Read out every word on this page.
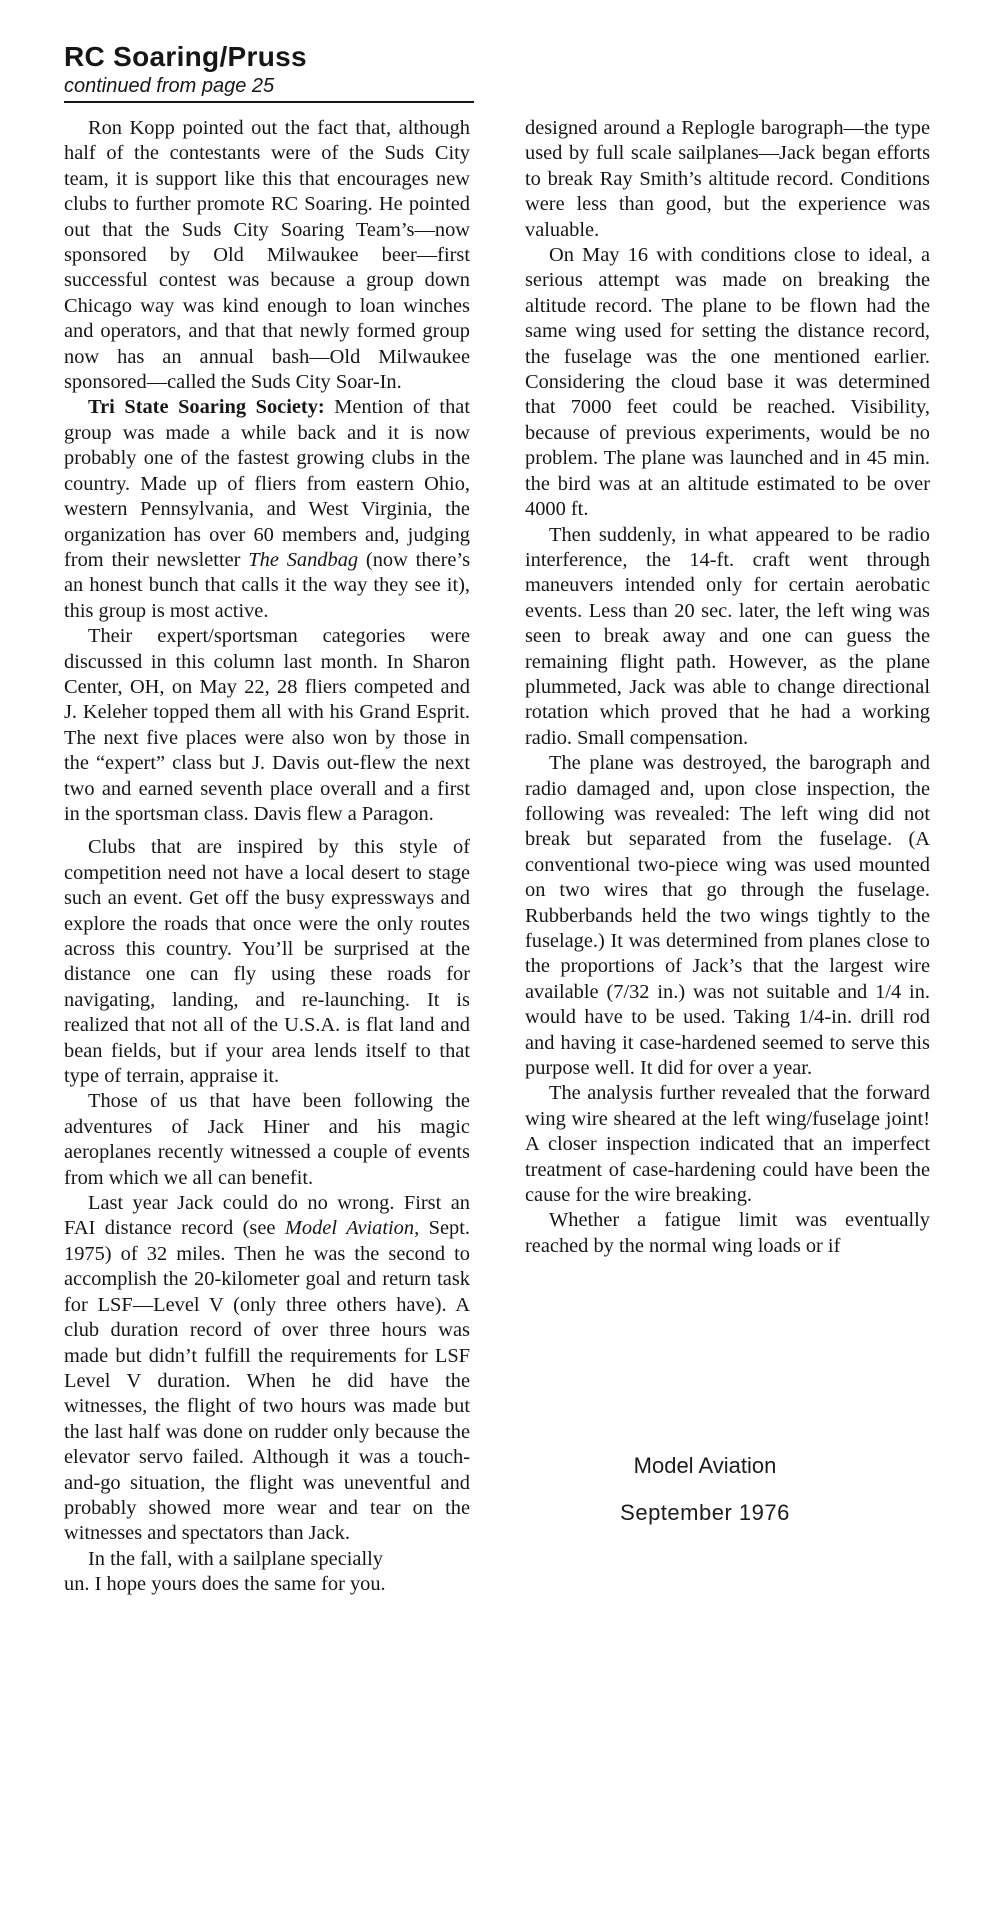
RC Soaring/Pruss
continued from page 25

Ron Kopp pointed out the fact that, although half of the contestants were of the Suds City team, it is support like this that encourages new clubs to further promote RC Soaring. He pointed out that the Suds City Soaring Team’s—now sponsored by Old Milwaukee beer—first successful contest was because a group down Chicago way was kind enough to loan winches and operators, and that that newly formed group now has an annual bash—Old Milwaukee sponsored—called the Suds City Soar-In.

Tri State Soaring Society: Mention of that group was made a while back and it is now probably one of the fastest growing clubs in the country. Made up of fliers from eastern Ohio, western Pennsylvania, and West Virginia, the organization has over 60 members and, judging from their newsletter The Sandbag (now there’s an honest bunch that calls it the way they see it), this group is most active.

Their expert/sportsman categories were discussed in this column last month. In Sharon Center, OH, on May 22, 28 fliers competed and J. Keleher topped them all with his Grand Esprit. The next five places were also won by those in the “expert” class but J. Davis out-flew the next two and earned seventh place overall and a first in the sportsman class. Davis flew a Paragon.

Clubs that are inspired by this style of competition need not have a local desert to stage such an event. Get off the busy expressways and explore the roads that once were the only routes across this country. You’ll be surprised at the distance one can fly using these roads for navigating, landing, and re-launching. It is realized that not all of the U.S.A. is flat land and bean fields, but if your area lends itself to that type of terrain, appraise it.

Those of us that have been following the adventures of Jack Hiner and his magic aeroplanes recently witnessed a couple of events from which we all can benefit.

Last year Jack could do no wrong. First an FAI distance record (see Model Aviation, Sept. 1975) of 32 miles. Then he was the second to accomplish the 20-kilometer goal and return task for LSF—Level V (only three others have). A club duration record of over three hours was made but didn’t fulfill the requirements for LSF Level V duration. When he did have the witnesses, the flight of two hours was made but the last half was done on rudder only because the elevator servo failed. Although it was a touch-and-go situation, the flight was uneventful and probably showed more wear and tear on the witnesses and spectators than Jack.

In the fall, with a sailplane specially

un. I hope yours does the same for you.

designed around a Replogle barograph—the type used by full scale sailplanes—Jack began efforts to break Ray Smith’s altitude record. Conditions were less than good, but the experience was valuable.

On May 16 with conditions close to ideal, a serious attempt was made on breaking the altitude record. The plane to be flown had the same wing used for setting the distance record, the fuselage was the one mentioned earlier. Considering the cloud base it was determined that 7000 feet could be reached. Visibility, because of previous experiments, would be no problem. The plane was launched and in 45 min. the bird was at an altitude estimated to be over 4000 ft.

Then suddenly, in what appeared to be radio interference, the 14-ft. craft went through maneuvers intended only for certain aerobatic events. Less than 20 sec. later, the left wing was seen to break away and one can guess the remaining flight path. However, as the plane plummeted, Jack was able to change directional rotation which proved that he had a working radio. Small compensation.

The plane was destroyed, the barograph and radio damaged and, upon close inspection, the following was revealed: The left wing did not break but separated from the fuselage. (A conventional two-piece wing was used mounted on two wires that go through the fuselage. Rubberbands held the two wings tightly to the fuselage.) It was determined from planes close to the proportions of Jack’s that the largest wire available (7/32 in.) was not suitable and 1/4 in. would have to be used. Taking 1/4-in. drill rod and having it case-hardened seemed to serve this purpose well. It did for over a year.

The analysis further revealed that the forward wing wire sheared at the left wing/fuselage joint! A closer inspection indicated that an imperfect treatment of case-hardening could have been the cause for the wire breaking.

Whether a fatigue limit was eventually reached by the normal wing loads or if

Model Aviation
September 1976
